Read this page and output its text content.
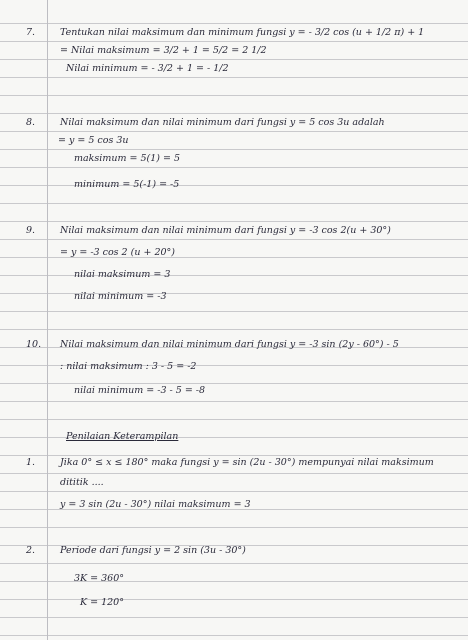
7.	Tentukan nilai maksimum dan minimum fungsi y = - 3/2 cos (u + 1/2 π) + 1
= Nilai maksimum = 3/2 + 1 = 5/2 = 2 1/2
Nilai minimum = - 3/2 + 1 = - 1/2
8.	Nilai maksimum dan nilai minimum dari fungsi y = 5 cos 3u adalah
= y = 5 cos 3u
maksimum = 5(1) = 5
minimum = 5(-1) = -5
9.	Nilai maksimum dan nilai minimum dari fungsi y = -3 cos 2(u + 30°)
= y = -3 cos 2 (u + 20°)
nilai maksimum = 3
nilai minimum = -3
10.	Nilai maksimum dan nilai minimum dari fungsi y = -3 sin (2y - 60°) - 5
: nilai maksimum : 3 - 5 = -2
nilai minimum = -3 - 5 = -8
Penilaian Keterampilan
1.	Jika 0° ≤ x ≤ 180° maka fungsi y = sin (2u - 30°) mempunyai nilai maksimum
dititik ....
y = 3 sin (2u - 30°) nilai maksimum = 3
2.	Periode dari fungsi y = 2 sin (3u - 30°)
3K = 360°
K = 120°
